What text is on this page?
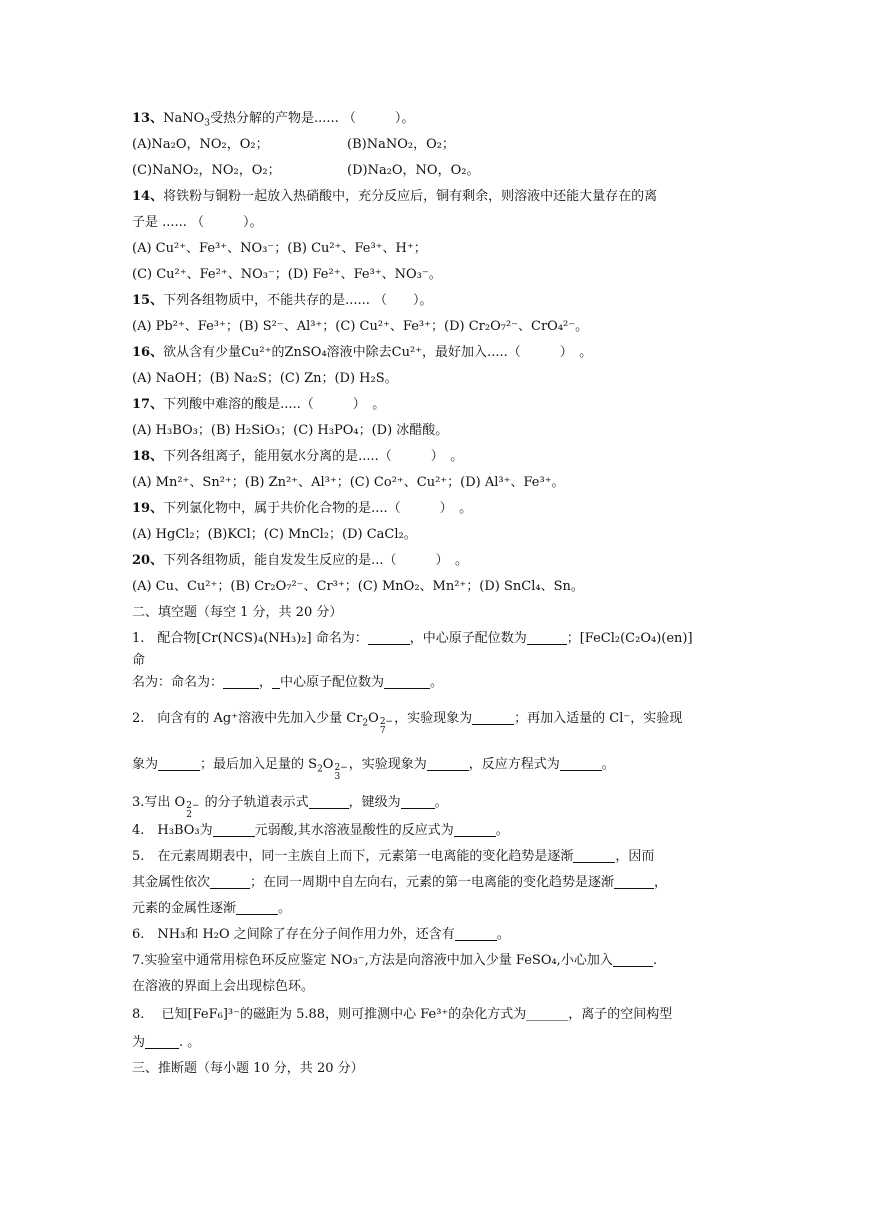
13、NaNO$_3$受热分解的产物是...... （　　　）。
(A)Na₂O，NO₂，O₂；	(B)NaNO₂，O₂；
(C)NaNO₂，NO₂，O₂；	(D)Na₂O，NO，O₂。
14、将铁粉与铜粉一起放入热硝酸中，充分反应后，铜有剩余，则溶液中还能大量存在的离
子是 ...... （　　　）。
(A) Cu²⁺、Fe³⁺、NO₃⁻；(B) Cu²⁺、Fe³⁺、H⁺；
(C) Cu²⁺、Fe²⁺、NO₃⁻；(D) Fe²⁺、Fe³⁺、NO₃⁻。
15、下列各组物质中，不能共存的是...... （　　）。
(A) Pb²⁺、Fe³⁺；(B) S²⁻、Al³⁺；(C) Cu²⁺、Fe³⁺；(D) Cr₂O₇²⁻、CrO₄²⁻。
16、欲从含有少量Cu²⁺的ZnSO₄溶液中除去Cu²⁺，最好加入.....（　　　）　。
(A) NaOH；(B) Na₂S；(C) Zn；(D) H₂S。
17、下列酸中难溶的酸是.....（　　　）　。
(A) H₃BO₃；(B) H₂SiO₃；(C) H₃PO₄；(D) 冰醋酸。
18、下列各组离子，能用氨水分离的是.....（　　　）　。
(A) Mn²⁺、Sn²⁺；(B) Zn²⁺、Al³⁺；(C) Co²⁺、Cu²⁺；(D) Al³⁺、Fe³⁺。
19、下列氯化物中，属于共价化合物的是....（　　　）　。
(A) HgCl₂；(B)KCl；(C) MnCl₂；(D) CaCl₂。
20、下列各组物质，能自发发生反应的是...（　　　）　。
(A) Cu、Cu²⁺；(B) Cr₂O₇²⁻、Cr³⁺；(C) MnO₂、Mn²⁺；(D) SnCl₄、Sn。
二、填空题（每空 1 分，共 20 分）
1.　配合物[Cr(NCS)₄(NH₃)₂] 命名为：	，中心原子配位数为	；[FeCl₂(C₂O₄)(en)]
命
名为：命名为：	， 中心原子配位数为	。
2.　向含有的 Ag⁺溶液中先加入少量 $Cr_2O$ 2−
7
，实验现象为	；再加入适量的 Cl⁻，实验现
象为	；最后加入足量的 $S_2O$ 2−
3
，实验现象为	，反应方程式为	。
3.写出 O 2−
2
的分子轨道表示式	，键级为	。
4.　H₃BO₃为	元弱酸,其水溶液显酸性的反应式为	。
5.　在元素周期表中，同一主族自上而下，元素第一电离能的变化趋势是逐渐	，因而
其金属性依次	；在同一周期中自左向右，元素的第一电离能的变化趋势是逐渐	，
元素的金属性逐渐	。
6.　NH₃和 H₂O 之间除了存在分子间作用力外，还含有	。
7.实验室中通常用棕色环反应鉴定 NO₃⁻,方法是向溶液中加入少量 FeSO₄,小心加入	.
在溶液的界面上会出现棕色环。
8.　 已知[FeF₆]³⁻的磁距为 5.88，则可推测中心 Fe³⁺的杂化方式为	，离子的空间构型
为	. 。
三、推断题（每小题 10 分，共 20 分）
